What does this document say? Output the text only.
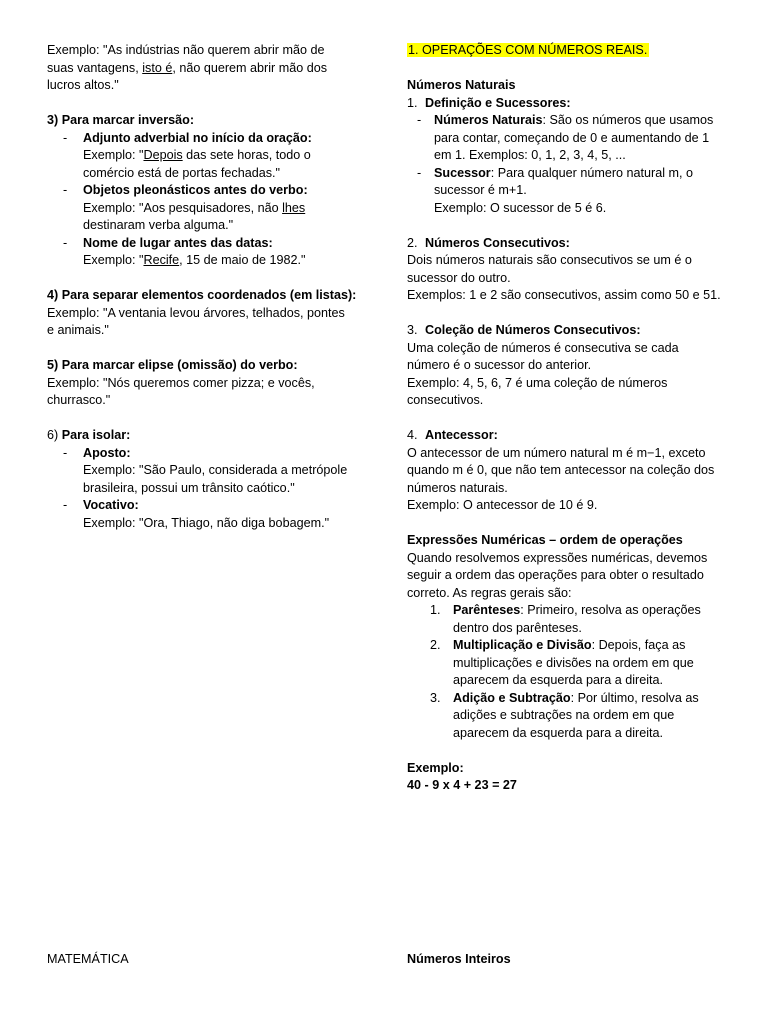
Exemplo: "As indústrias não querem abrir mão de
suas vantagens, isto é, não querem abrir mão dos
lucros altos."
3) Para marcar inversão:
- Adjunto adverbial no início da oração:
Exemplo: "Depois das sete horas, todo o
comércio está de portas fechadas."
- Objetos pleonásticos antes do verbo:
Exemplo: "Aos pesquisadores, não lhes
destinaram verba alguma."
- Nome de lugar antes das datas:
Exemplo: "Recife, 15 de maio de 1982."
4) Para separar elementos coordenados (em listas):
Exemplo: "A ventania levou árvores, telhados, pontes
e animais."
5) Para marcar elipse (omissão) do verbo:
Exemplo: "Nós queremos comer pizza; e vocês,
churrasco."
6) Para isolar:
- Aposto:
Exemplo: "São Paulo, considerada a metrópole
brasileira, possui um trânsito caótico."
- Vocativo:
Exemplo: "Ora, Thiago, não diga bobagem."
1. OPERAÇÕES COM NÚMEROS REAIS.
Números Naturais
1. Definição e Sucessores:
- Números Naturais: São os números que usamos
para contar, começando de 0 e aumentando de 1
em 1. Exemplos: 0, 1, 2, 3, 4, 5, ...
- Sucessor: Para qualquer número natural m, o
sucessor é m+1.
Exemplo: O sucessor de 5 é 6.
2. Números Consecutivos:
Dois números naturais são consecutivos se um é o
sucessor do outro.
Exemplos: 1 e 2 são consecutivos, assim como 50 e 51.
3. Coleção de Números Consecutivos:
Uma coleção de números é consecutiva se cada
número é o sucessor do anterior.
Exemplo: 4, 5, 6, 7 é uma coleção de números
consecutivos.
4. Antecessor:
O antecessor de um número natural m é m−1, exceto
quando m é 0, que não tem antecessor na coleção dos
números naturais.
Exemplo: O antecessor de 10 é 9.
Expressões Numéricas – ordem de operações
Quando resolvemos expressões numéricas, devemos
seguir a ordem das operações para obter o resultado
correto. As regras gerais são:
1. Parênteses: Primeiro, resolva as operações
dentro dos parênteses.
2. Multiplicação e Divisão: Depois, faça as
multiplicações e divisões na ordem em que
aparecem da esquerda para a direita.
3. Adição e Subtração: Por último, resolva as
adições e subtrações na ordem em que
aparecem da esquerda para a direita.
Exemplo:
40 - 9 x 4 + 23 = 27
MATEMÁTICA	Números Inteiros
